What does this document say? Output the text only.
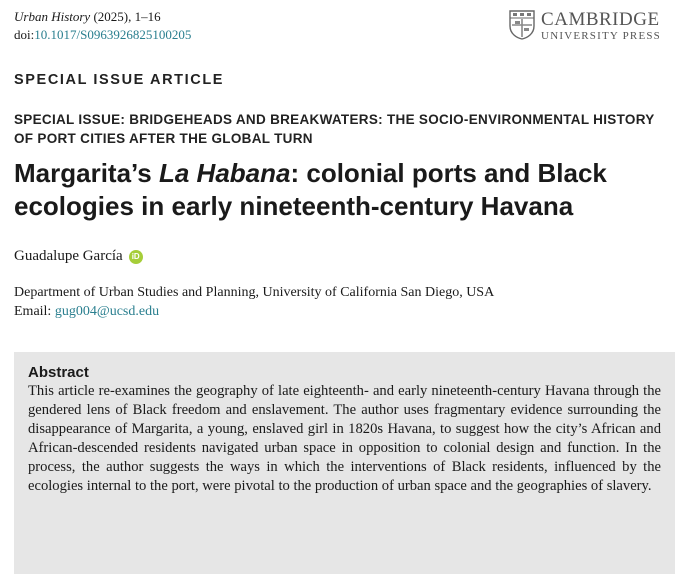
Urban History (2025), 1–16
doi:10.1017/S0963926825100205
CAMBRIDGE
UNIVERSITY PRESS
SPECIAL ISSUE ARTICLE
SPECIAL ISSUE: BRIDGEHEADS AND BREAKWATERS: THE SOCIO-ENVIRONMENTAL HISTORY OF PORT CITIES AFTER THE GLOBAL TURN
Margarita’s La Habana: colonial ports and Black ecologies in early nineteenth-century Havana
Guadalupe García	iD
Department of Urban Studies and Planning, University of California San Diego, USA
Email: gug004@ucsd.edu
Abstract

This article re-examines the geography of late eighteenth- and early nineteenth-century Havana through the gendered lens of Black freedom and enslavement. The author uses fragmentary evidence surrounding the disappearance of Margarita, a young, enslaved girl in 1820s Havana, to suggest how the city’s African and African-descended residents navigated urban space in opposition to colonial design and function. In the process, the author suggests the ways in which the interventions of Black residents, influenced by the ecologies internal to the port, were pivotal to the production of urban space and the geographies of slavery.
